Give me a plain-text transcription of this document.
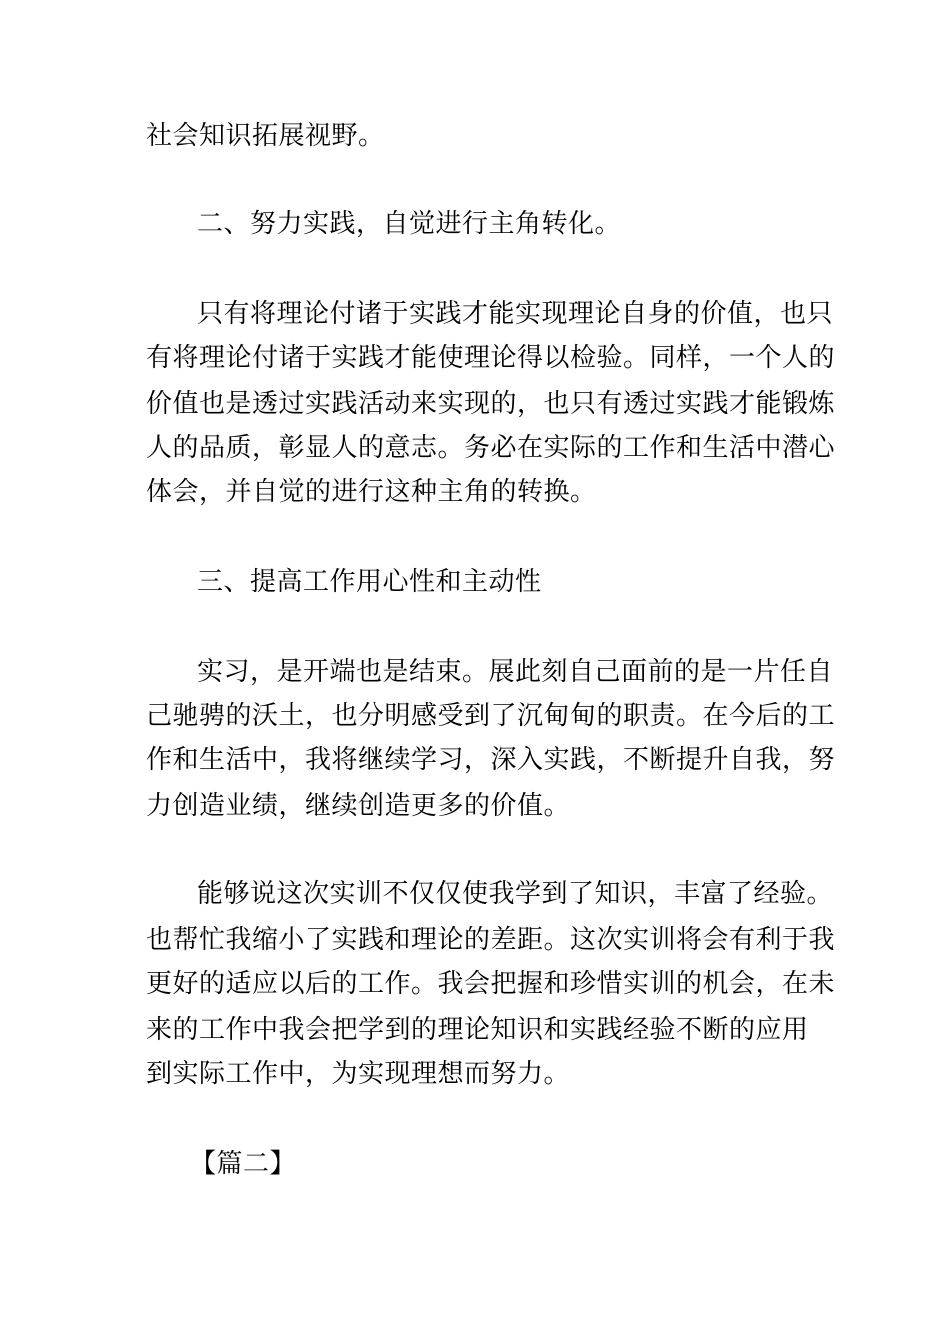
社会知识拓展视野。
二、努力实践，自觉进行主角转化。
只有将理论付诸于实践才能实现理论自身的价值，也只
有将理论付诸于实践才能使理论得以检验。同样，一个人的
价值也是透过实践活动来实现的，也只有透过实践才能锻炼
人的品质，彰显人的意志。务必在实际的工作和生活中潜心
体会，并自觉的进行这种主角的转换。
三、提高工作用心性和主动性
实习，是开端也是结束。展此刻自己面前的是一片任自
己驰骋的沃土，也分明感受到了沉甸甸的职责。在今后的工
作和生活中，我将继续学习，深入实践，不断提升自我，努
力创造业绩，继续创造更多的价值。
能够说这次实训不仅仅使我学到了知识，丰富了经验。
也帮忙我缩小了实践和理论的差距。这次实训将会有利于我
更好的适应以后的工作。我会把握和珍惜实训的机会，在未
来的工作中我会把学到的理论知识和实践经验不断的应用
到实际工作中，为实现理想而努力。
【篇二】
